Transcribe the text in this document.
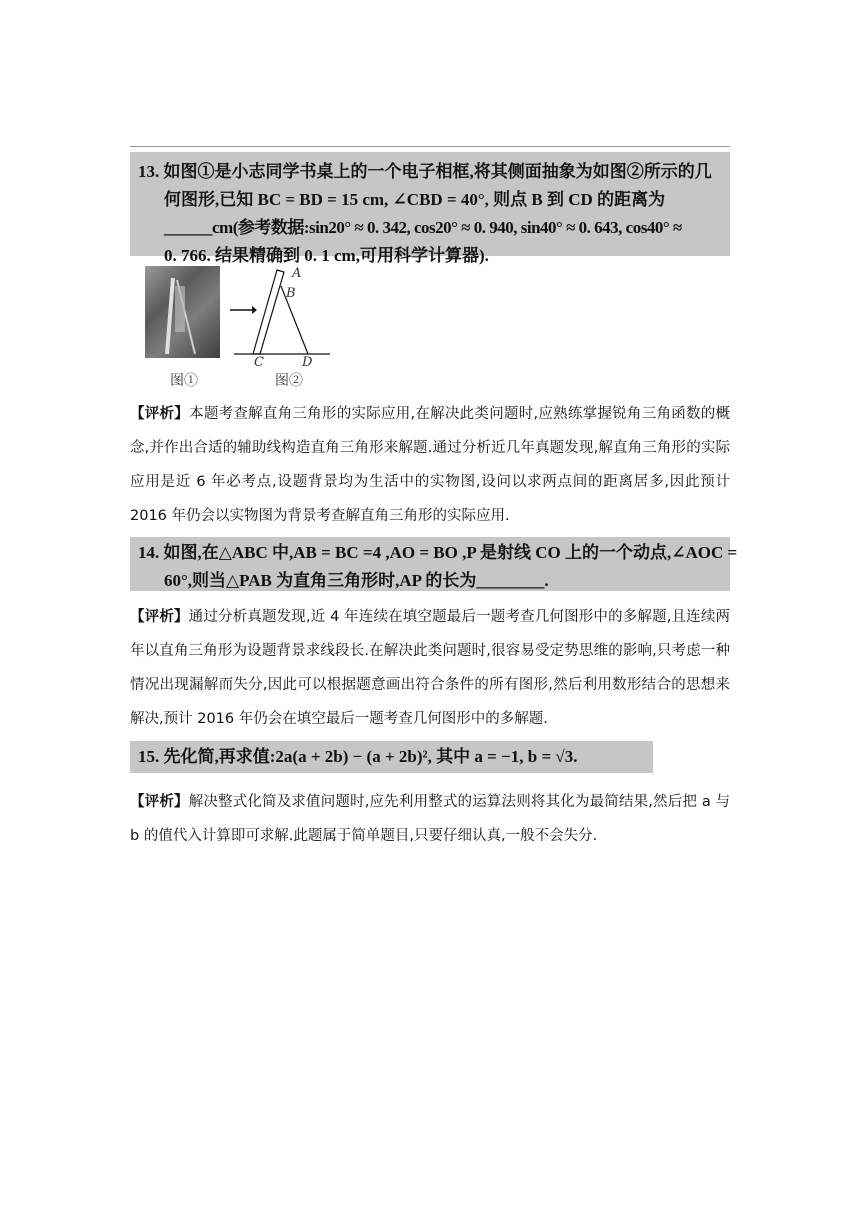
13. 如图①是小志同学书桌上的一个电子相框,将其侧面抽象为如图②所示的几
何图形,已知 BC = BD = 15 cm, ∠CBD = 40°, 则点 B 到 CD 的距离为
______cm(参考数据:sin20° ≈ 0. 342, cos20° ≈ 0. 940, sin40° ≈ 0. 643, cos40° ≈
0. 766. 结果精确到 0. 1 cm,可用科学计算器).
图①
A
B
C	D
图②
【评析】本题考查解直角三角形的实际应用,在解决此类问题时,应熟练掌握锐角三角函数的概念,并作出合适的辅助线构造直角三角形来解题.通过分析近几年真题发现,解直角三角形的实际应用是近 6 年必考点,设题背景均为生活中的实物图,设问以求两点间的距离居多,因此预计 2016 年仍会以实物图为背景考查解直角三角形的实际应用.
14. 如图,在△ABC 中,AB = BC =4 ,AO = BO ,P 是射线 CO 上的一个动点,∠AOC =
60°,则当△PAB 为直角三角形时,AP 的长为________.
【评析】通过分析真题发现,近 4 年连续在填空题最后一题考查几何图形中的多解题,且连续两年以直角三角形为设题背景求线段长.在解决此类问题时,很容易受定势思维的影响,只考虑一种情况出现漏解而失分,因此可以根据题意画出符合条件的所有图形,然后利用数形结合的思想来解决,预计 2016 年仍会在填空最后一题考查几何图形中的多解题.
15. 先化简,再求值:2a(a + 2b) − (a + 2b)², 其中 a = −1, b = √3.
【评析】解决整式化简及求值问题时,应先利用整式的运算法则将其化为最简结果,然后把 a 与 b 的值代入计算即可求解.此题属于简单题目,只要仔细认真,一般不会失分.
